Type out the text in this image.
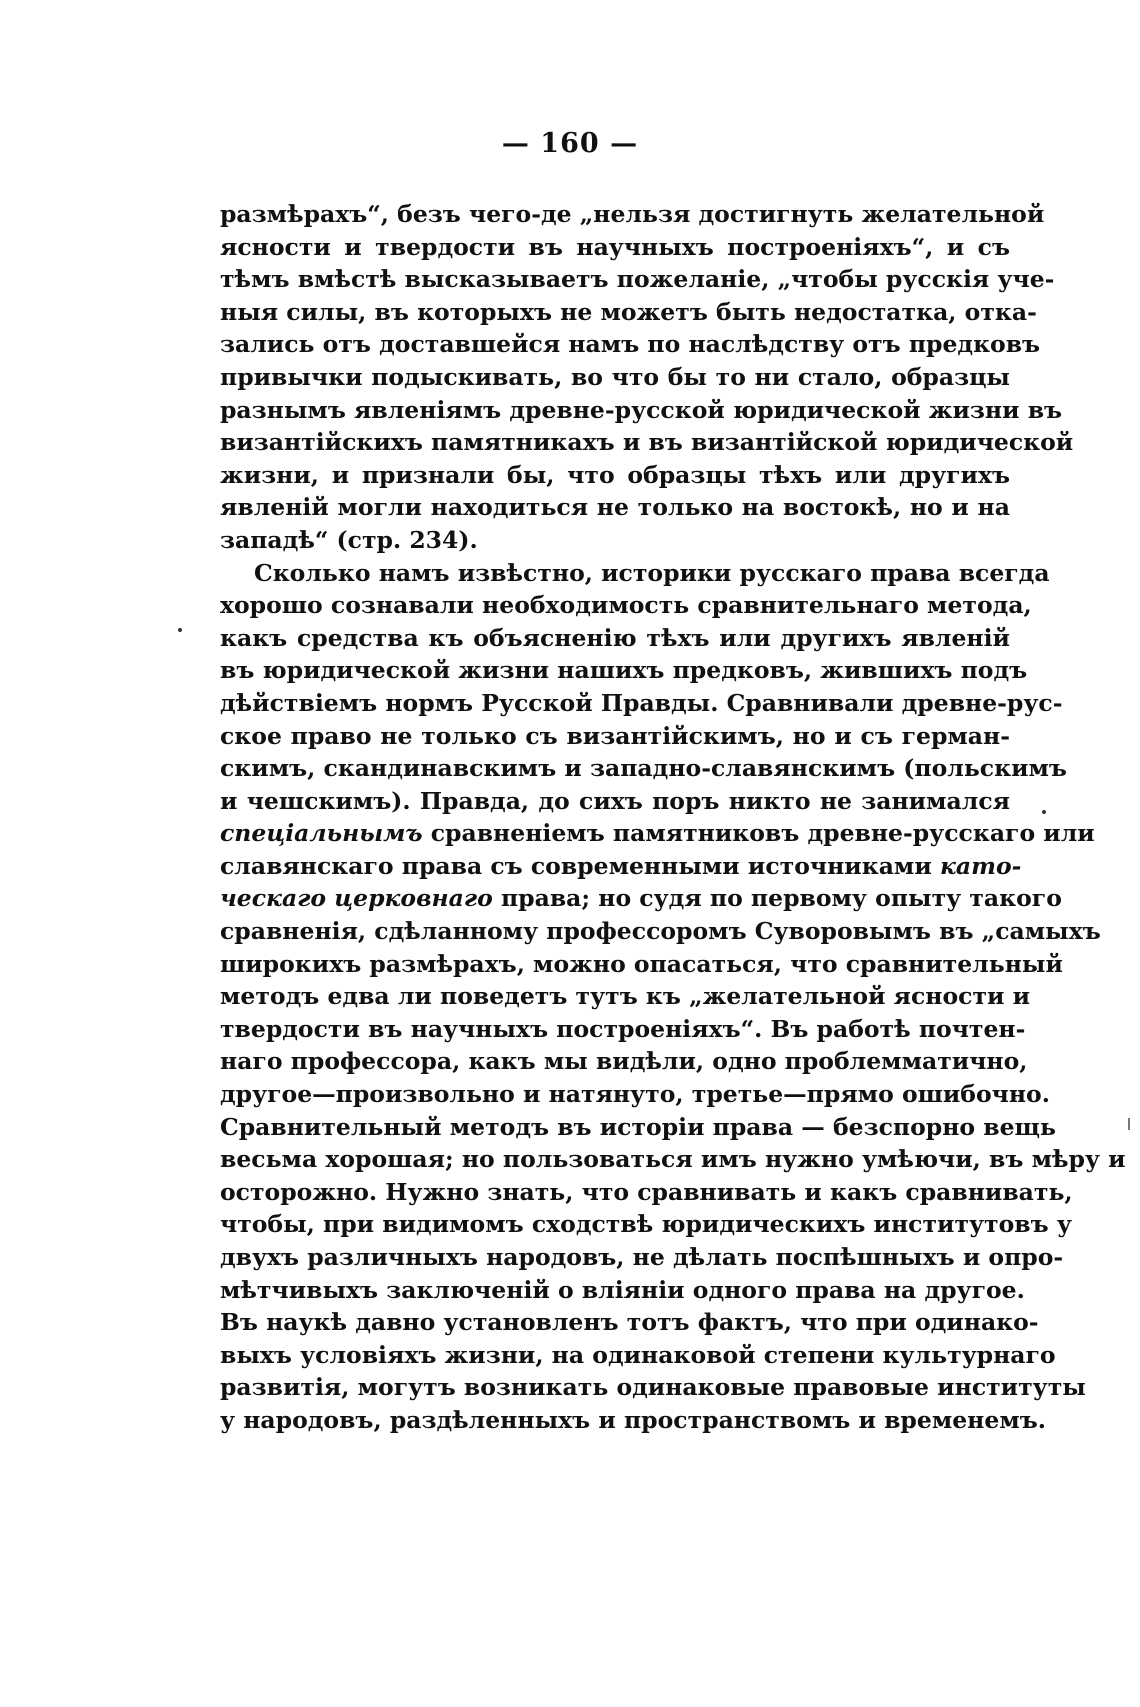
— 160 —
размѣрахъ“, безъ чего-де „нельзя достигнуть желательной
ясности и твердости въ научныхъ построеніяхъ“, и съ
тѣмъ вмѣстѣ высказываетъ пожеланіе, „чтобы русскія уче-
ныя силы, въ которыхъ не можетъ быть недостатка, отка-
зались отъ доставшейся намъ по наслѣдству отъ предковъ
привычки подыскивать, во что бы то ни стало, образцы
разнымъ явленіямъ древне-русской юридической жизни въ
византійскихъ памятникахъ и въ византійской юридической
жизни, и признали бы, что образцы тѣхъ или другихъ
явленій могли находиться не только на востокѣ, но и на
западѣ“ (стр. 234).
Сколько намъ извѣстно, историки русскаго права всегда
хорошо сознавали необходимость сравнительнаго метода,
какъ средства къ объясненію тѣхъ или другихъ явленій
въ юридической жизни нашихъ предковъ, жившихъ подъ
дѣйствіемъ нормъ Русской Правды. Сравнивали древне-рус-
ское право не только съ византійскимъ, но и съ герман-
скимъ, скандинавскимъ и западно-славянскимъ (польскимъ
и чешскимъ). Правда, до сихъ поръ никто не занимался
спеціальнымъ сравненіемъ памятниковъ древне-русскаго или
славянскаго права съ современными источниками като-
ческаго церковнаго права; но судя по первому опыту такого
сравненія, сдѣланному профессоромъ Суворовымъ въ „самыхъ
широкихъ размѣрахъ, можно опасаться, что сравнительный
методъ едва ли поведетъ тутъ къ „желательной ясности и
твердости въ научныхъ построеніяхъ“. Въ работѣ почтен-
наго профессора, какъ мы видѣли, одно проблемматично,
другое—произвольно и натянуто, третье—прямо ошибочно.
Сравнительный методъ въ исторіи права — безспорно вещь
весьма хорошая; но пользоваться имъ нужно умѣючи, въ мѣру и
осторожно. Нужно знать, что сравнивать и какъ сравнивать,
чтобы, при видимомъ сходствѣ юридическихъ институтовъ у
двухъ различныхъ народовъ, не дѣлать поспѣшныхъ и опро-
мѣтчивыхъ заключеній о вліяніи одного права на другое.
Въ наукѣ давно установленъ тотъ фактъ, что при одинако-
выхъ условіяхъ жизни, на одинаковой степени культурнаго
развитія, могутъ возникать одинаковые правовые институты
у народовъ, раздѣленныхъ и пространствомъ и временемъ.
